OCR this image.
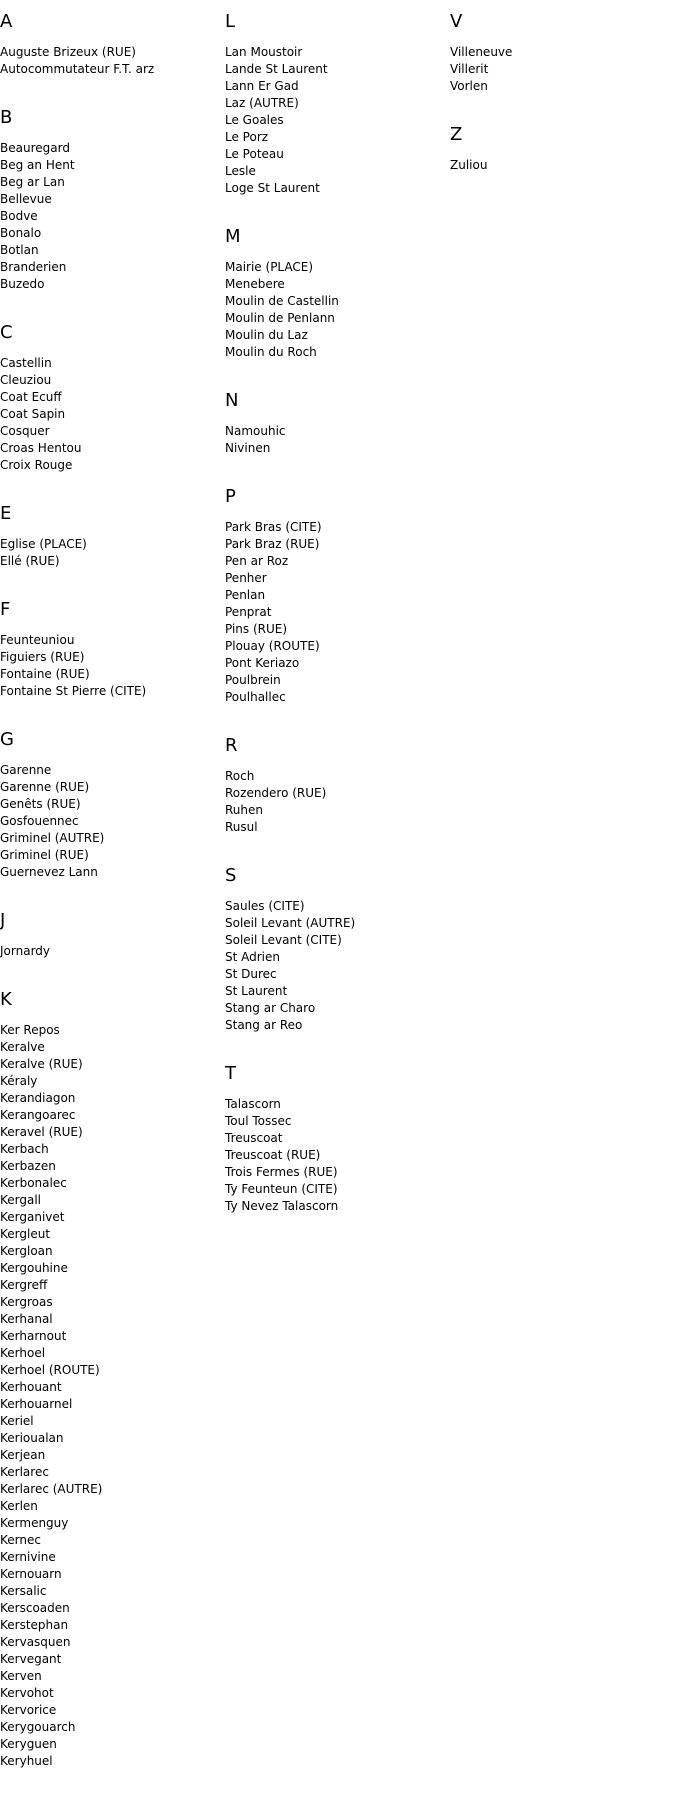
A
Auguste Brizeux (RUE)
Autocommutateur F.T. arz
B
Beauregard
Beg an Hent
Beg ar Lan
Bellevue
Bodve
Bonalo
Botlan
Branderien
Buzedo
C
Castellin
Cleuziou
Coat Ecuff
Coat Sapin
Cosquer
Croas Hentou
Croix Rouge
E
Eglise (PLACE)
Ellé (RUE)
F
Feunteuniou
Figuiers (RUE)
Fontaine (RUE)
Fontaine St Pierre (CITE)
G
Garenne
Garenne (RUE)
Genêts (RUE)
Gosfouennec
Griminel (AUTRE)
Griminel (RUE)
Guernevez Lann
J
Jornardy
K
Ker Repos
Keralve
Keralve (RUE)
Kéraly
Kerandiagon
Kerangoarec
Keravel (RUE)
Kerbach
Kerbazen
Kerbonalec
Kergall
Kerganivet
Kergleut
Kergloan
Kergouhine
Kergreff
Kergroas
Kerhanal
Kerharnout
Kerhoel
Kerhoel (ROUTE)
Kerhouant
Kerhouarnel
Keriel
Kerioualan
Kerjean
Kerlarec
Kerlarec (AUTRE)
Kerlen
Kermenguy
Kernec
Kernivine
Kernouarn
Kersalic
Kerscoaden
Kerstephan
Kervasquen
Kervegant
Kerven
Kervohot
Kervorice
Kerygouarch
Keryguen
Keryhuel
L
Lan Moustoir
Lande St Laurent
Lann Er Gad
Laz (AUTRE)
Le Goales
Le Porz
Le Poteau
Lesle
Loge St Laurent
M
Mairie (PLACE)
Menebere
Moulin de Castellin
Moulin de Penlann
Moulin du Laz
Moulin du Roch
N
Namouhic
Nivinen
P
Park Bras (CITE)
Park Braz (RUE)
Pen ar Roz
Penher
Penlan
Penprat
Pins (RUE)
Plouay (ROUTE)
Pont Keriazo
Poulbrein
Poulhallec
R
Roch
Rozendero (RUE)
Ruhen
Rusul
S
Saules (CITE)
Soleil Levant (AUTRE)
Soleil Levant (CITE)
St Adrien
St Durec
St Laurent
Stang ar Charo
Stang ar Reo
T
Talascorn
Toul Tossec
Treuscoat
Treuscoat (RUE)
Trois Fermes (RUE)
Ty Feunteun (CITE)
Ty Nevez Talascorn
V
Villeneuve
Villerit
Vorlen
Z
Zuliou
